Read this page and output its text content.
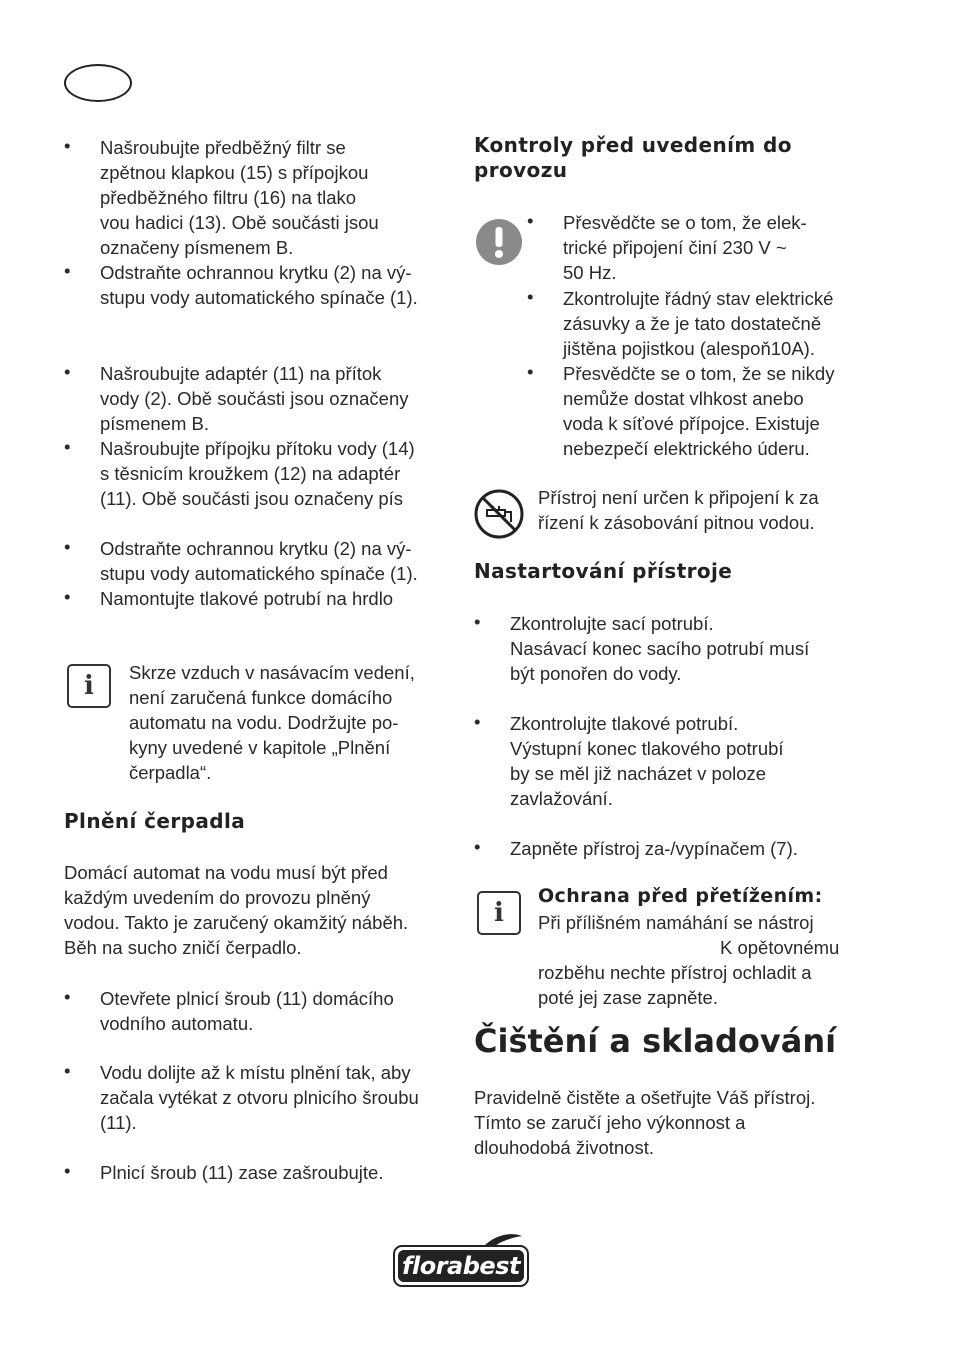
• Našroubujte předběžný filtr se
zpětnou klapkou (15) s přípojkou
předběžného filtru (16) na tlako
vou hadici (13). Obě součásti jsou
označeny písmenem B.
• Odstraňte ochrannou krytku (2) na vý-
stupu vody automatického spínače (1).
• Našroubujte adaptér (11) na přítok
vody (2). Obě součásti jsou označeny
písmenem B.
• Našroubujte přípojku přítoku vody (14)
s těsnicím kroužkem (12) na adaptér
(11). Obě součásti jsou označeny pís
• Odstraňte ochrannou krytku (2) na vý-
stupu vody automatického spínače (1).
• Namontujte tlakové potrubí na hrdlo
i Skrze vzduch v nasávacím vedení,
není zaručená funkce domácího
automatu na vodu. Dodržujte po-
kyny uvedené v kapitole „Plnění
čerpadla“.
Plnění čerpadla
Domácí automat na vodu musí být před
každým uvedením do provozu plněný
vodou. Takto je zaručený okamžitý náběh.
Běh na sucho zničí čerpadlo.
• Otevřete plnicí šroub (11) domácího
vodního automatu.
• Vodu dolijte až k místu plnění tak, aby
začala vytékat z otvoru plnicího šroubu
(11).
• Plnicí šroub (11) zase zašroubujte.
Kontroly před uvedením do
provozu
• Přesvědčte se o tom, že elek-
trické připojení činí 230 V ~
50 Hz.
• Zkontrolujte řádný stav elektrické
zásuvky a že je tato dostatečně
jištěna pojistkou (alespoň10A).
• Přesvědčte se o tom, že se nikdy
nemůže dostat vlhkost anebo
voda k síťové přípojce. Existuje
nebezpečí elektrického úderu.
Přístroj není určen k připojení k za
řízení k zásobování pitnou vodou.
Nastartování přístroje
• Zkontrolujte sací potrubí.
Nasávací konec sacího potrubí musí
být ponořen do vody.
• Zkontrolujte tlakové potrubí.
Výstupní konec tlakového potrubí
by se měl již nacházet v poloze
zavlažování.
• Zapněte přístroj za-/vypínačem (7).
i
Ochrana před přetížením:
Při přílišném namáhání se nástroj
K opětovnému
rozběhu nechte přístroj ochladit a
poté jej zase zapněte.
Čištění a skladování
Pravidelně čistěte a ošetřujte Váš přístroj.
Tímto se zaručí jeho výkonnost a
dlouhodobá životnost.
florabest
